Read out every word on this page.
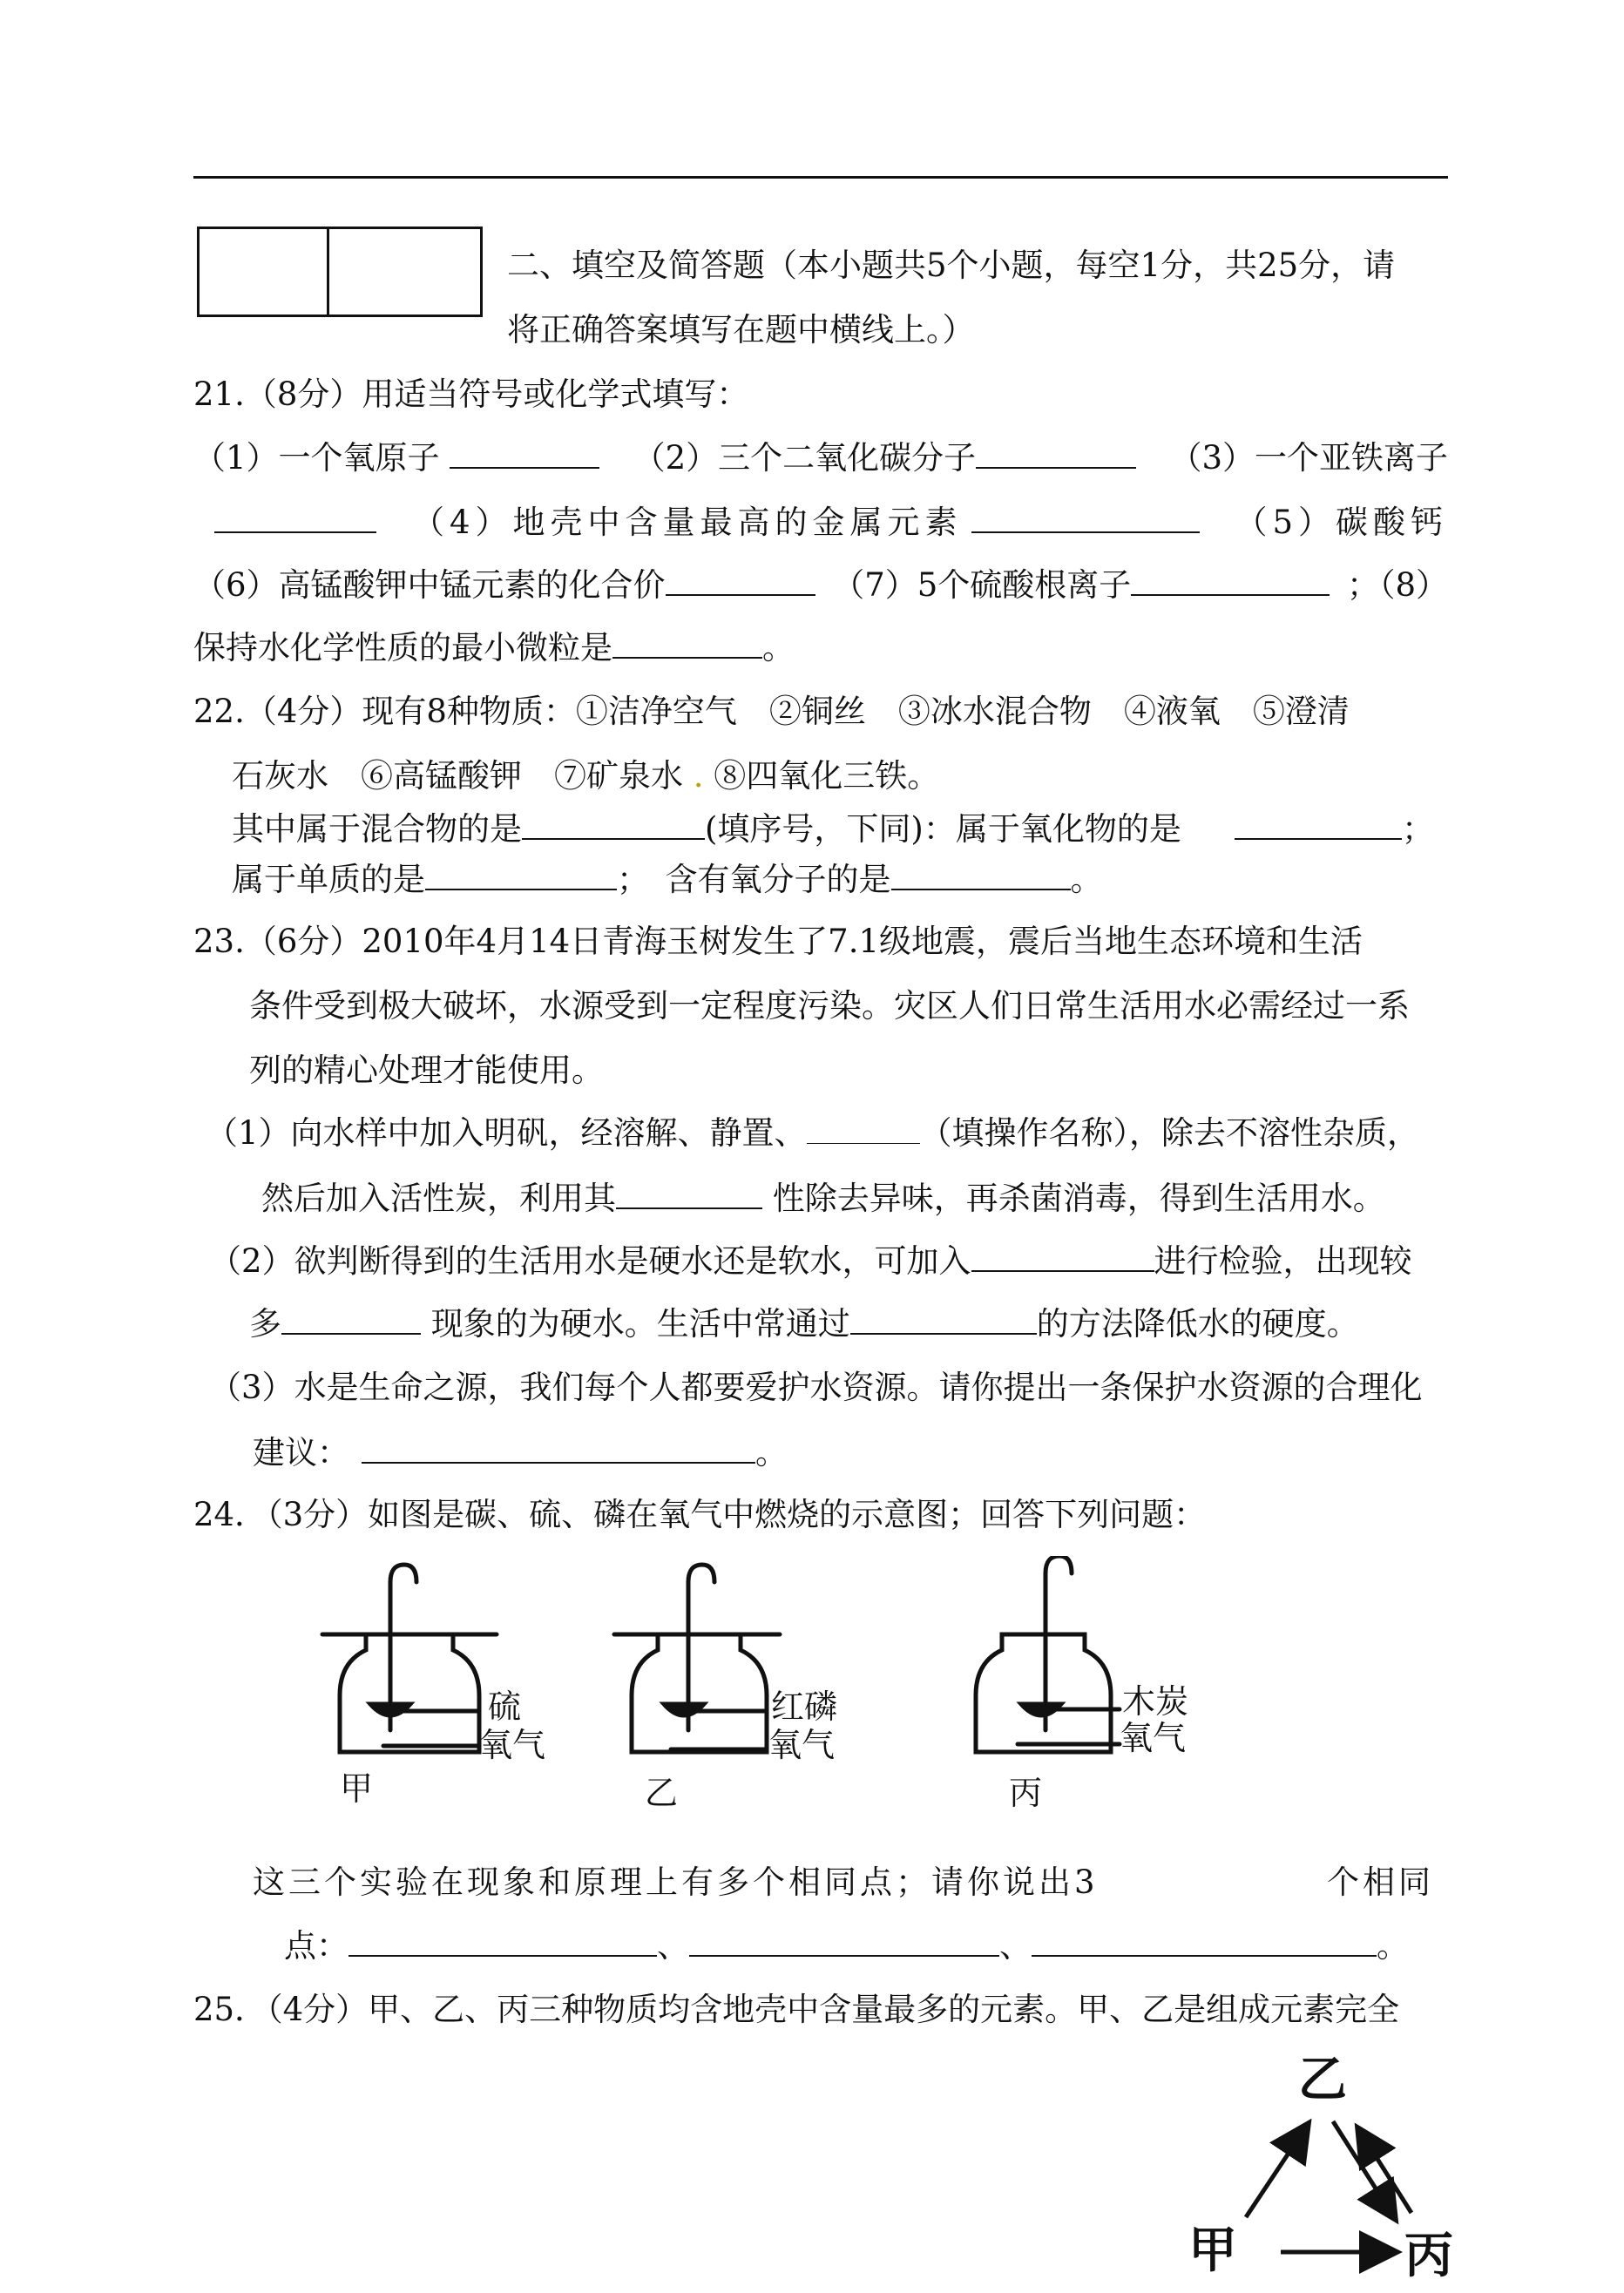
二、填空及简答题（本小题共5个小题，每空1分，共25分，请
将正确答案填写在题中横线上。）
21.（8分）用适当符号或化学式填写：
（1）一个氧原子	（2）三个二氧化碳分子	（3）一个亚铁离子
（4）地壳中含量最高的金属元素	（5）碳酸钙
（6）高锰酸钾中锰元素的化合价	（7）5个硫酸根离子	；（8）
保持水化学性质的最小微粒是	。
22.（4分）现有8种物质：①洁净空气　②铜丝　③冰水混合物　④液氧　⑤澄清
石灰水　⑥高锰酸钾　⑦矿泉水 . ⑧四氧化三铁。
其中属于混合物的是	(填序号，下同)：属于氧化物的是	；
属于单质的是	；　含有氧分子的是	。
23.（6分）2010年4月14日青海玉树发生了7.1级地震，震后当地生态环境和生活
条件受到极大破坏，水源受到一定程度污染。灾区人们日常生活用水必需经过一系
列的精心处理才能使用。
（1）向水样中加入明矾，经溶解、静置、	（填操作名称），除去不溶性杂质，
然后加入活性炭，利用其	性除去异味，再杀菌消毒，得到生活用水。
（2）欲判断得到的生活用水是硬水还是软水，可加入	进行检验，出现较
多	现象的为硬水。生活中常通过	的方法降低水的硬度。
（3）水是生命之源，我们每个人都要爱护水资源。请你提出一条保护水资源的合理化
建议：	。
24．（3分）如图是碳、硫、磷在氧气中燃烧的示意图；回答下列问题：
硫
氧气
甲
红磷
氧气
乙
木炭
氧气
丙
这三个实验在现象和原理上有多个相同点；请你说出3	个相同
点：	、	、	。
25．（4分）甲、乙、丙三种物质均含地壳中含量最多的元素。甲、乙是组成元素完全
乙
甲	丙
